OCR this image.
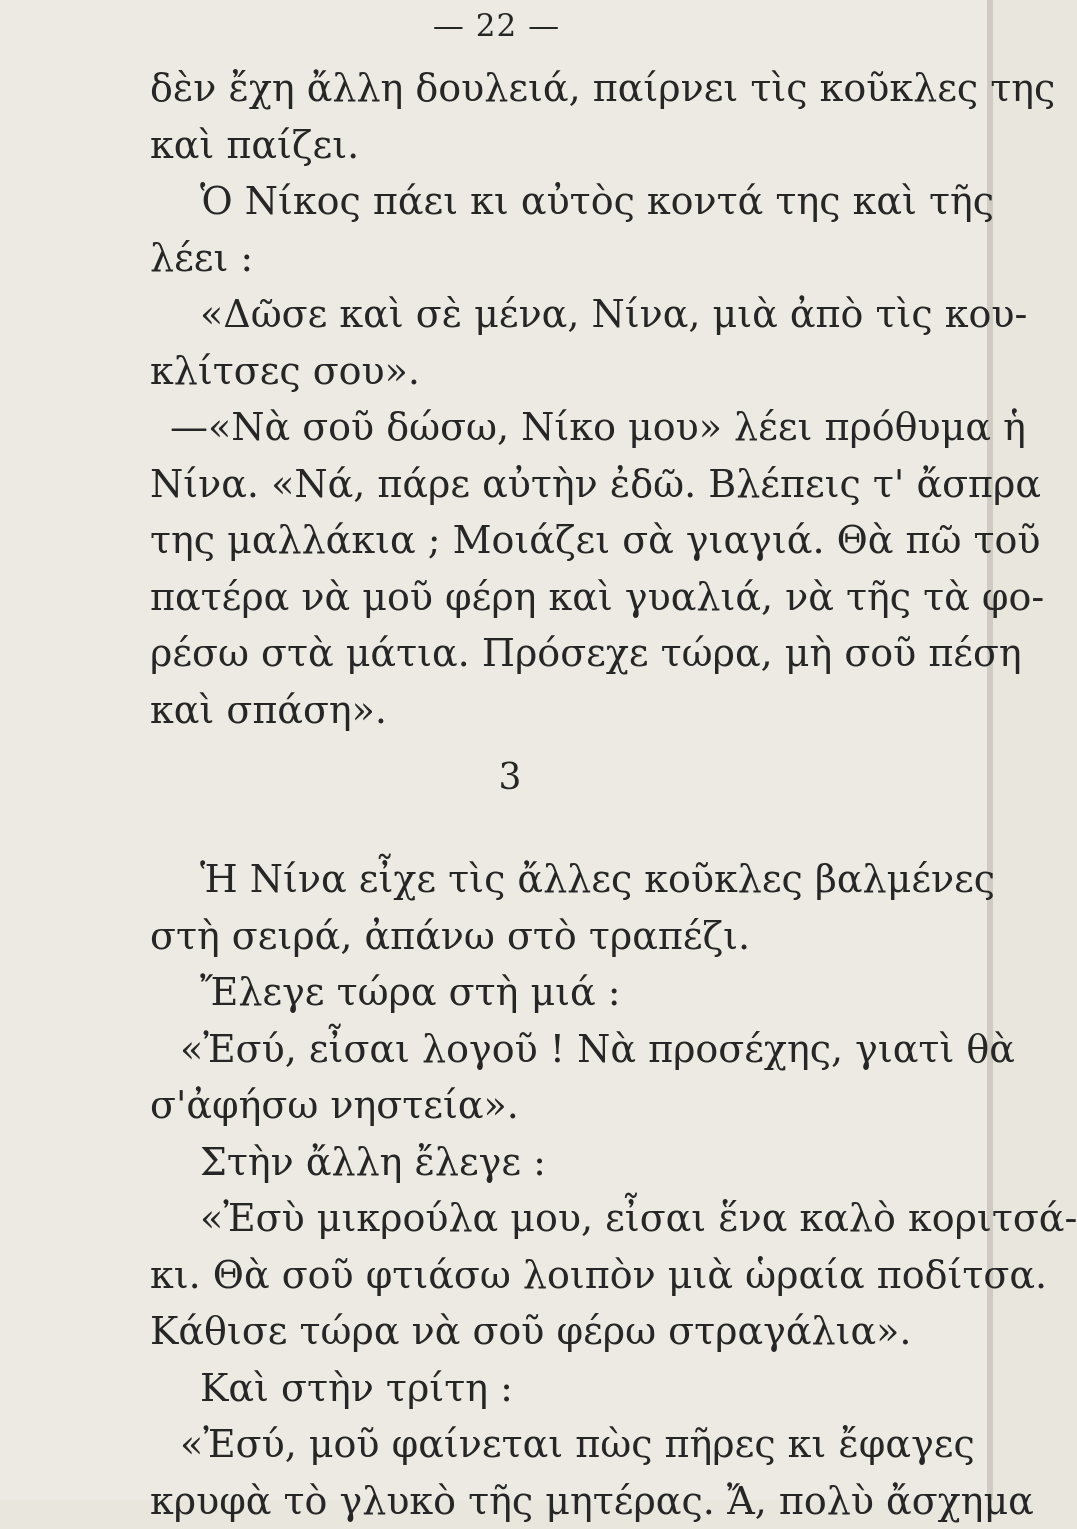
— 22 —
δὲν ἔχη ἄλλη δουλειά, παίρνει τὶς κοῦκλες της
καὶ παίζει.
Ὁ Νίκος πάει κι αὐτὸς κοντά της καὶ τῆς
λέει :
«Δῶσε καὶ σὲ μένα, Νίνα, μιὰ ἀπὸ τὶς κου-
κλίτσες σου».
—«Νὰ σοῦ δώσω, Νίκο μου» λέει πρόθυμα ἡ
Νίνα. «Νά, πάρε αὐτὴν ἐδῶ. Βλέπεις τ' ἄσπρα
της μαλλάκια ; Μοιάζει σὰ γιαγιά. Θὰ πῶ τοῦ
πατέρα νὰ μοῦ φέρη καὶ γυαλιά, νὰ τῆς τὰ φο-
ρέσω στὰ μάτια. Πρόσεχε τώρα, μὴ σοῦ πέση
καὶ σπάση».
3
Ἡ Νίνα εἶχε τὶς ἄλλες κοῦκλες βαλμένες
στὴ σειρά, ἀπάνω στὸ τραπέζι.
Ἔλεγε τώρα στὴ μιά :
«Ἐσύ, εἶσαι λογοῦ ! Νὰ προσέχης, γιατὶ θὰ
σ'ἀφήσω νηστεία».
Στὴν ἄλλη ἔλεγε :
«Ἐσὺ μικρούλα μου, εἶσαι ἕνα καλὸ κοριτσά-
κι. Θὰ σοῦ φτιάσω λοιπὸν μιὰ ὡραία ποδίτσα.
Κάθισε τώρα νὰ σοῦ φέρω στραγάλια».
Καὶ στὴν τρίτη :
«Ἐσύ, μοῦ φαίνεται πὼς πῆρες κι ἔφαγες
κρυφὰ τὸ γλυκὸ τῆς μητέρας. Ἄ, πολὺ ἄσχημα
